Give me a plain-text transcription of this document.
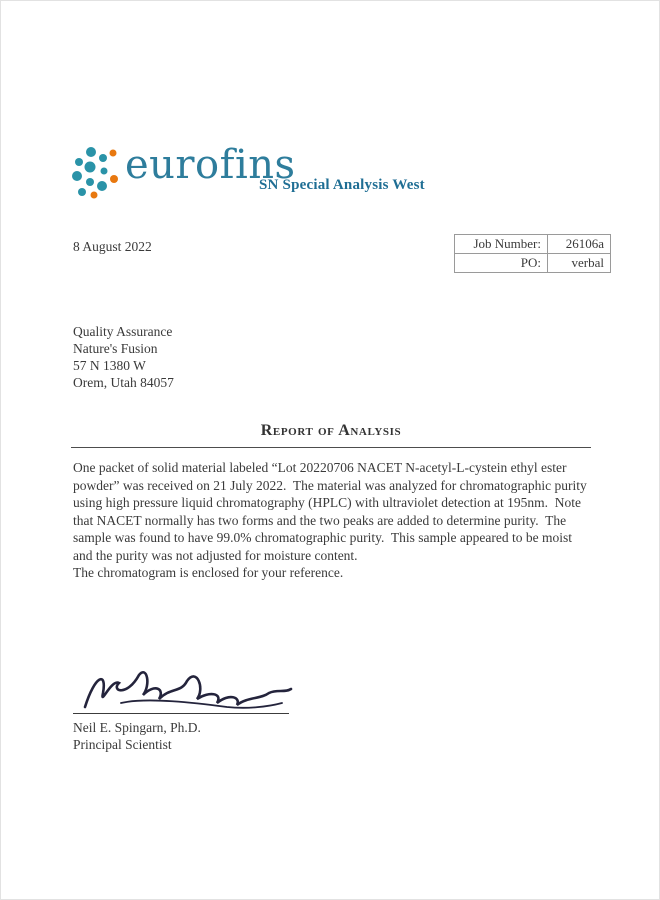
eurofins
SN Special Analysis West
8 August 2022	Job Number:	26106a
PO:	verbal
Quality Assurance
Nature's Fusion
57 N 1380 W
Orem, Utah 84057
Report of Analysis
One packet of solid material labeled “Lot 20220706 NACET N-acetyl-L-cystein ethyl ester powder” was received on 21 July 2022.  The material was analyzed for chromatographic purity using high pressure liquid chromatography (HPLC) with ultraviolet detection at 195nm.  Note that NACET normally has two forms and the two peaks are added to determine purity.  The sample was found to have 99.0% chromatographic purity.  This sample appeared to be moist and the purity was not adjusted for moisture content.
The chromatogram is enclosed for your reference.
Neil E. Spingarn, Ph.D.
Principal Scientist
